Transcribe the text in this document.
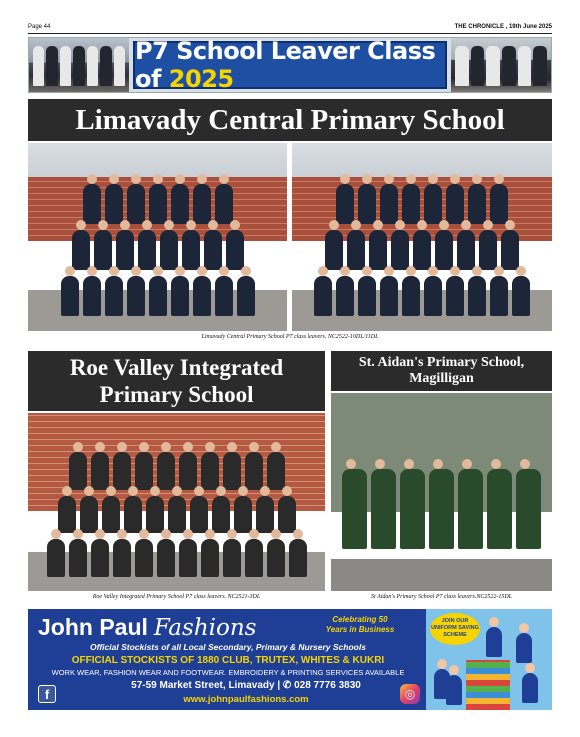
Page 44	THE CHRONICLE , 19th June 2025
P7 School Leaver Class of 2025
Limavady Central Primary School
Limavady Central Primary School P7 class leavers. NC2522-10DL/11DL
Roe Valley Integrated Primary School
Roe Valley Integrated Primary School P7 class leavers. NC2521-3DL
St. Aidan's Primary School, Magilligan
St Aidan's Primary School P7 class leavers.NC2522-15DL
John Paul Fashions	Celebrating 50 Years in Business
Official Stockists of all Local Secondary, Primary & Nursery Schools
OFFICIAL STOCKISTS OF 1880 CLUB, TRUTEX, WHITES & KUKRI
WORK WEAR, FASHION WEAR AND FOOTWEAR. EMBROIDERY & PRINTING SERVICES AVAILABLE
f
57-59 Market Street, Limavady | ✆ 028 7776 3830
www.johnpaulfashions.com	◎
JOIN OUR UNIFORM SAVING SCHEME
